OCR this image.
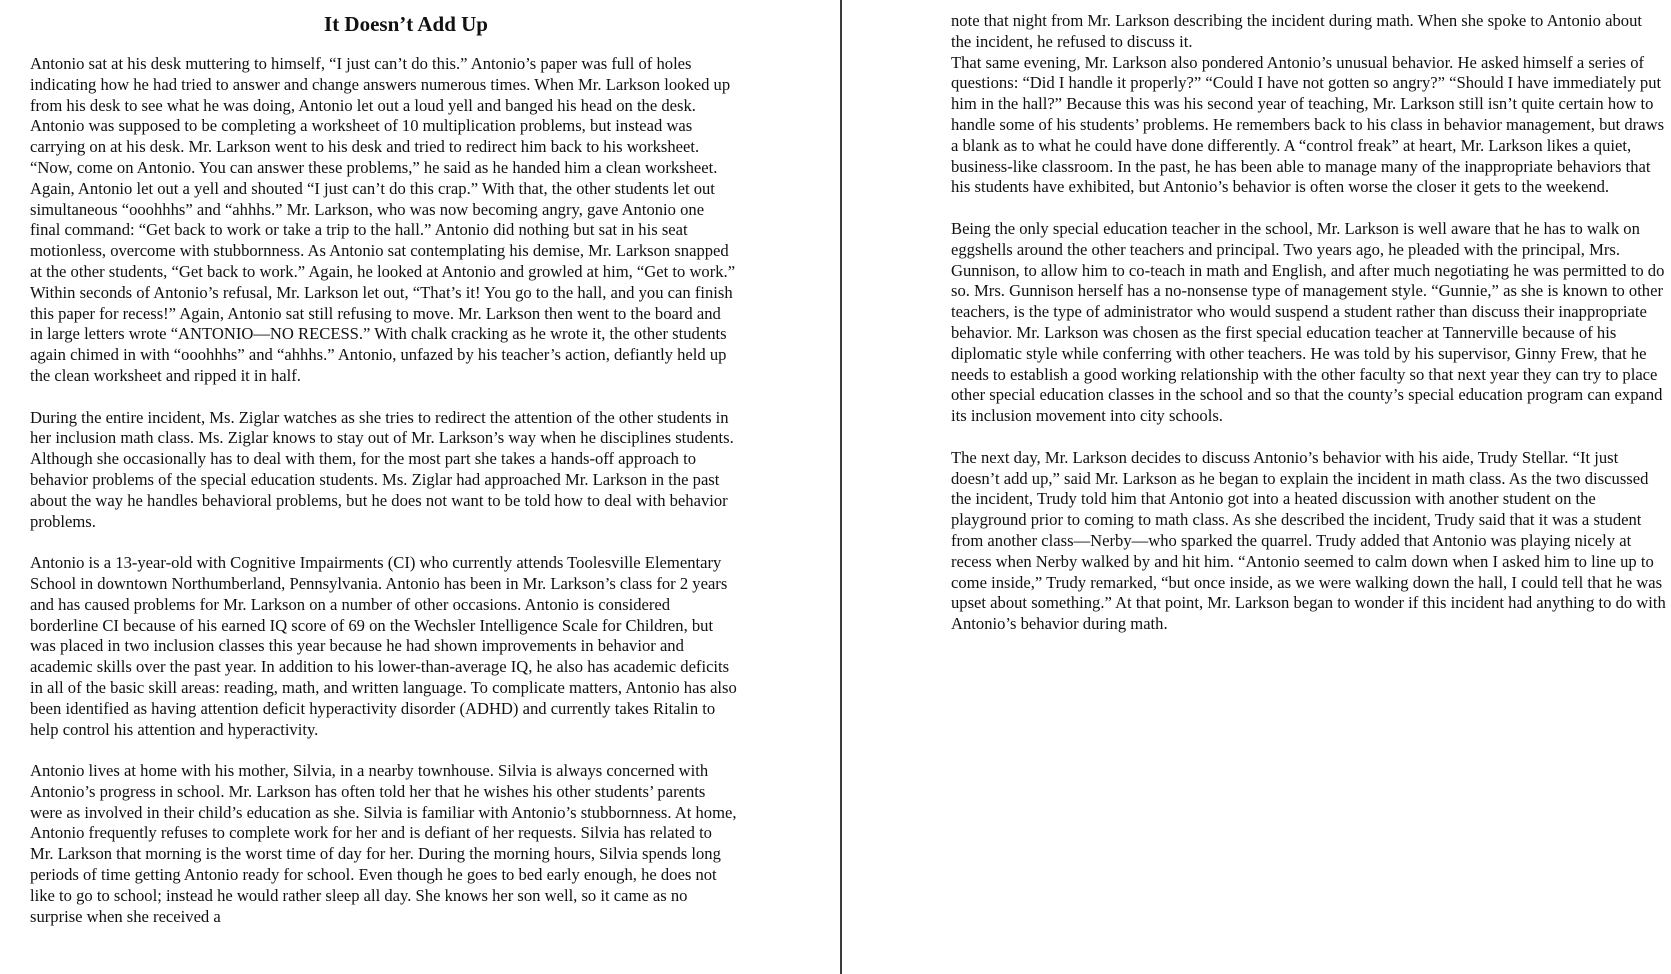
It Doesn’t Add Up

Antonio sat at his desk muttering to himself, “I just can’t do this.” Antonio’s paper was full of holes indicating how he had tried to answer and change answers numerous times. When Mr. Larkson looked up from his desk to see what he was doing, Antonio let out a loud yell and banged his head on the desk. Antonio was supposed to be completing a worksheet of 10 multiplication problems, but instead was carrying on at his desk. Mr. Larkson went to his desk and tried to redirect him back to his worksheet. “Now, come on Antonio. You can answer these problems,” he said as he handed him a clean worksheet. Again, Antonio let out a yell and shouted “I just can’t do this crap.” With that, the other students let out simultaneous “ooohhhs” and “ahhhs.” Mr. Larkson, who was now becoming angry, gave Antonio one final command: “Get back to work or take a trip to the hall.” Antonio did nothing but sat in his seat motionless, overcome with stubbornness. As Antonio sat contemplating his demise, Mr. Larkson snapped at the other students, “Get back to work.” Again, he looked at Antonio and growled at him, “Get to work.” Within seconds of Antonio’s refusal, Mr. Larkson let out, “That’s it! You go to the hall, and you can finish this paper for recess!” Again, Antonio sat still refusing to move. Mr. Larkson then went to the board and in large letters wrote “ANTONIO—NO RECESS.” With chalk cracking as he wrote it, the other students again chimed in with “ooohhhs” and “ahhhs.” Antonio, unfazed by his teacher’s action, defiantly held up the clean worksheet and ripped it in half.

During the entire incident, Ms. Ziglar watches as she tries to redirect the attention of the other students in her inclusion math class. Ms. Ziglar knows to stay out of Mr. Larkson’s way when he disciplines students. Although she occasionally has to deal with them, for the most part she takes a hands-off approach to behavior problems of the special education students. Ms. Ziglar had approached Mr. Larkson in the past about the way he handles behavioral problems, but he does not want to be told how to deal with behavior problems.

Antonio is a 13-year-old with Cognitive Impairments (CI) who currently attends Toolesville Elementary School in downtown Northumberland, Pennsylvania. Antonio has been in Mr. Larkson’s class for 2 years and has caused problems for Mr. Larkson on a number of other occasions. Antonio is considered borderline CI because of his earned IQ score of 69 on the Wechsler Intelligence Scale for Children, but was placed in two inclusion classes this year because he had shown improvements in behavior and academic skills over the past year. In addition to his lower-than-average IQ, he also has academic deficits in all of the basic skill areas: reading, math, and written language. To complicate matters, Antonio has also been identified as having attention deficit hyperactivity disorder (ADHD) and currently takes Ritalin to help control his attention and hyperactivity.

Antonio lives at home with his mother, Silvia, in a nearby townhouse. Silvia is always concerned with Antonio’s progress in school. Mr. Larkson has often told her that he wishes his other students’ parents were as involved in their child’s education as she. Silvia is familiar with Antonio’s stubbornness. At home, Antonio frequently refuses to complete work for her and is defiant of her requests. Silvia has related to Mr. Larkson that morning is the worst time of day for her. During the morning hours, Silvia spends long periods of time getting Antonio ready for school. Even though he goes to bed early enough, he does not like to go to school; instead he would rather sleep all day. She knows her son well, so it came as no surprise when she received a

note that night from Mr. Larkson describing the incident during math. When she spoke to Antonio about the incident, he refused to discuss it.

That same evening, Mr. Larkson also pondered Antonio’s unusual behavior. He asked himself a series of questions: “Did I handle it properly?” “Could I have not gotten so angry?” “Should I have immediately put him in the hall?” Because this was his second year of teaching, Mr. Larkson still isn’t quite certain how to handle some of his students’ problems. He remembers back to his class in behavior management, but draws a blank as to what he could have done differently. A “control freak” at heart, Mr. Larkson likes a quiet, business-like classroom. In the past, he has been able to manage many of the inappropriate behaviors that his students have exhibited, but Antonio’s behavior is often worse the closer it gets to the weekend.

Being the only special education teacher in the school, Mr. Larkson is well aware that he has to walk on eggshells around the other teachers and principal. Two years ago, he pleaded with the principal, Mrs. Gunnison, to allow him to co-teach in math and English, and after much negotiating he was permitted to do so. Mrs. Gunnison herself has a no-nonsense type of management style. “Gunnie,” as she is known to other teachers, is the type of administrator who would suspend a student rather than discuss their inappropriate behavior. Mr. Larkson was chosen as the first special education teacher at Tannerville because of his diplomatic style while conferring with other teachers. He was told by his supervisor, Ginny Frew, that he needs to establish a good working relationship with the other faculty so that next year they can try to place other special education classes in the school and so that the county’s special education program can expand its inclusion movement into city schools.

The next day, Mr. Larkson decides to discuss Antonio’s behavior with his aide, Trudy Stellar. “It just doesn’t add up,” said Mr. Larkson as he began to explain the incident in math class. As the two discussed the incident, Trudy told him that Antonio got into a heated discussion with another student on the playground prior to coming to math class. As she described the incident, Trudy said that it was a student from another class—Nerby—who sparked the quarrel. Trudy added that Antonio was playing nicely at recess when Nerby walked by and hit him. “Antonio seemed to calm down when I asked him to line up to come inside,” Trudy remarked, “but once inside, as we were walking down the hall, I could tell that he was upset about something.” At that point, Mr. Larkson began to wonder if this incident had anything to do with Antonio’s behavior during math.
